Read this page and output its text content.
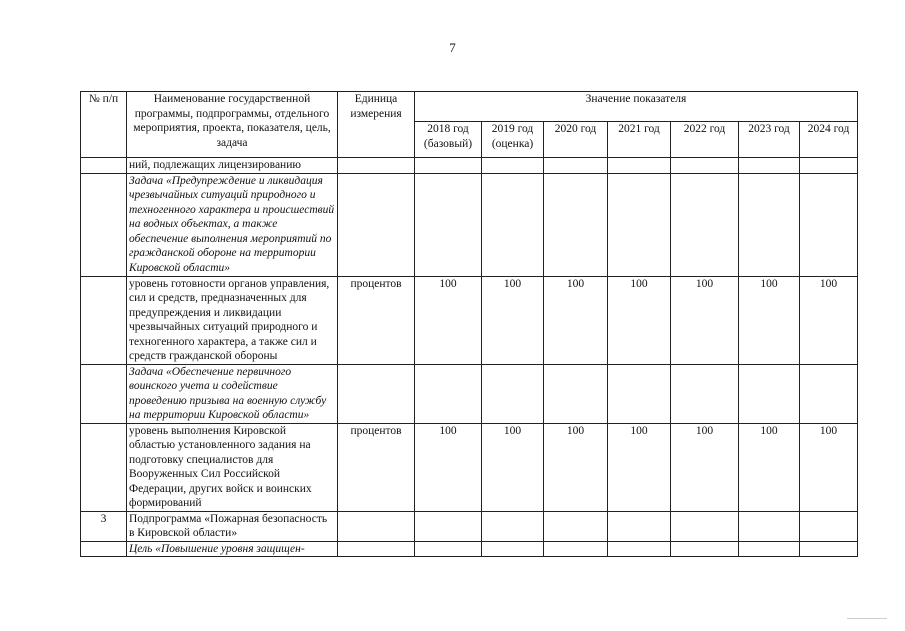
7
№ п/п	Наименование государственной программы, подпрограммы, отдельного мероприятия, проекта, показателя, цель, задача	Единица измерения	Значение показателя						
			2018 год (базовый)	2019 год (оценка)	2020 год	2021 год	2022 год	2023 год	2024 год
	ний, подлежащих лицензированию								
	Задача «Предупреждение и ликвидация чрезвычайных ситуаций природного и техногенного характера и происшествий на водных объектах, а также обеспечение выполнения мероприятий по гражданской обороне на территории Кировской области»								
	уровень готовности органов управления, сил и средств, предназначенных для предупреждения и ликвидации чрезвычайных ситуаций природного и техногенного характера, а также сил и средств гражданской обороны	процентов	100	100	100	100	100	100	100
	Задача «Обеспечение первичного воинского учета и содействие проведению призыва на военную службу на территории Кировской области»								
	уровень выполнения Кировской областью установленного задания на подготовку специалистов для Вооруженных Сил Российской Федерации, других войск и воинских формирований	процентов	100	100	100	100	100	100	100
3	Подпрограмма «Пожарная безопасность в Кировской области»								
	Цель «Повышение уровня защищен-								
